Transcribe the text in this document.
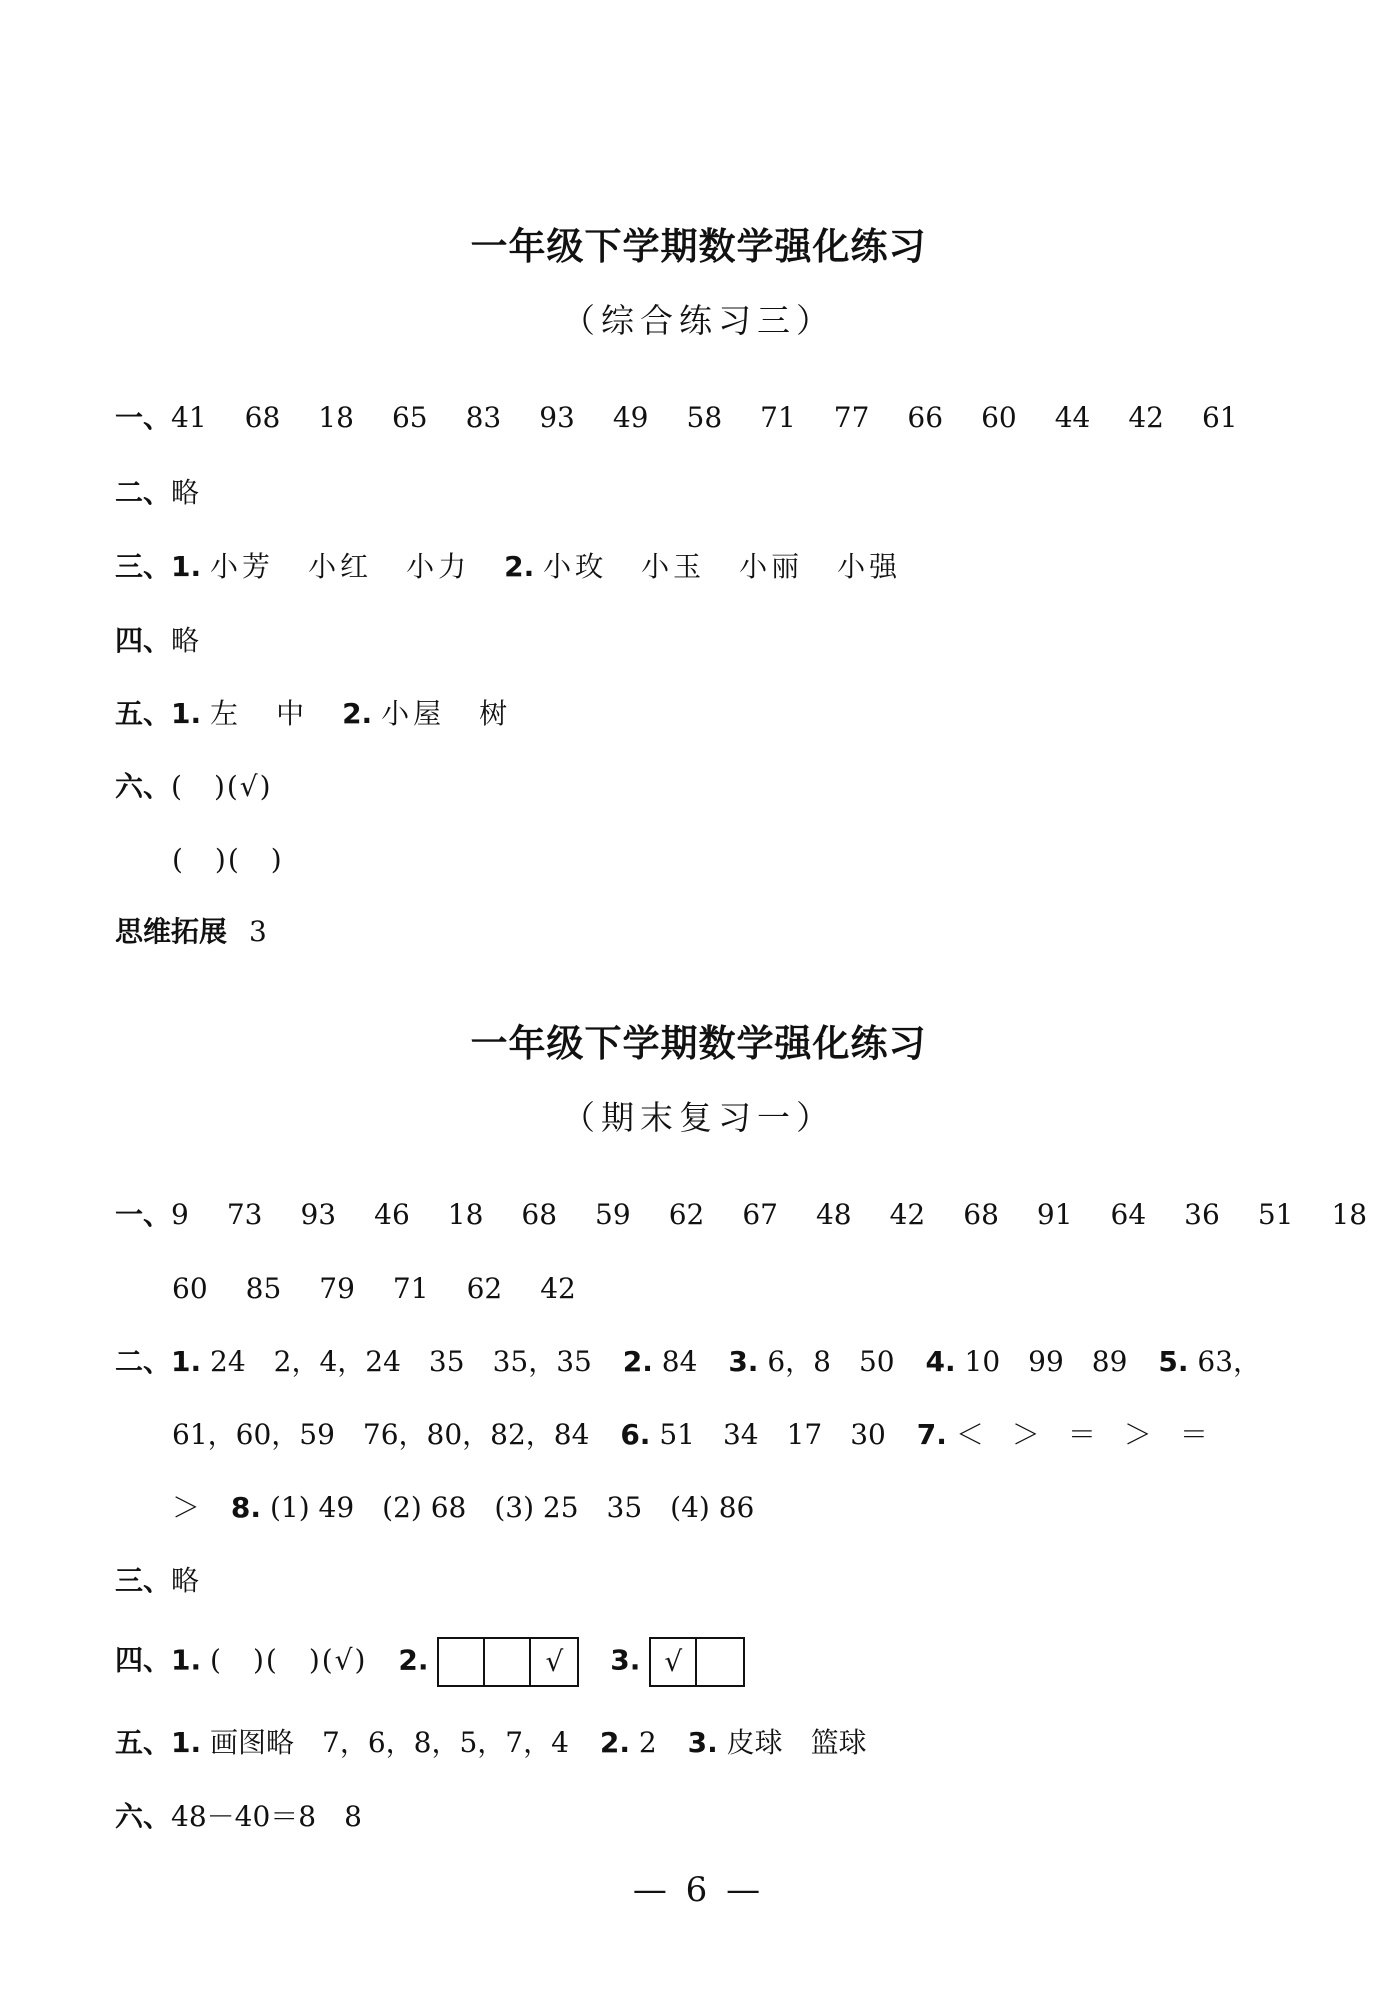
一年级下学期数学强化练习
（综合练习三）
一、41 68 18 65 83 93 49 58 71 77 66 60 44 42 61
二、略
三、1. 小芳 小红 小力 2. 小玫 小玉 小丽 小强
四、略
五、1. 左 中 2. 小屋 树
六、(　)(√)
(　)(　)
思维拓展 3
一年级下学期数学强化练习
（期末复习一）
一、9 73 93 46 18 68 59 62 67 48 42 68 91 64 36 51 18
60 85 79 71 62 42
二、1. 24　2，4，24　35　35，35 2. 84 3. 6，8　50 4. 10　99　89 5. 63，
61，60，59　76，80，82，84 6. 51　34　17　30 7. ＜　＞　＝　＞　＝
＞ 8. (1) 49　(2) 68　(3) 25　35　(4) 86
三、略
四、1. (　)(　)(√) 2.	√ 3. √
五、1. 画图略　7，6，8，5，7，4 2. 2 3. 皮球　篮球
六、48－40＝8　8
— 6 —
